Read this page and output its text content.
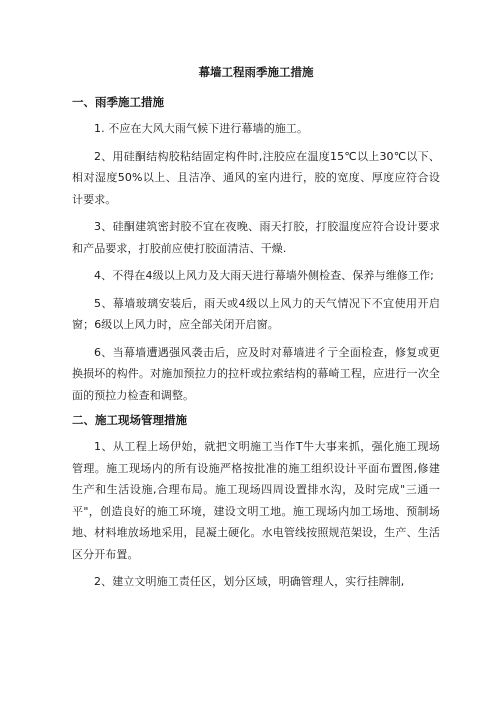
幕墙工程雨季施工措施
一、雨季施工措施

1. 不应在大风大雨气候下进行幕墙的施工。

2、用硅酮结构胶粘结固定构件时,注胶应在温度15℃以上30℃以下、相对湿度50%以上、且洁净、通风的室内进行，胶的宽度、厚度应符合设计要求。

3、硅酮建筑密封胶不宜在夜晚、雨天打胶，打胶温度应符合设计要求和产品要求，打胶前应使打胶面清洁、干燥.

4、不得在4级以上风力及大雨天进行幕墙外侧检查、保养与维修工作;

5、幕墙玻璃安装后，雨天或4级以上风力的天气情况下不宜使用开启窗；6级以上风力时，应全部关闭开启窗。

6、当幕墙遭遇强风袭击后，应及时对幕墙进彳亍全面检查，修复或更换损坏的构件。对施加预拉力的拉杆或拉索结构的幕崎工程，应进行一次全面的预拉力检查和调整。

二、施工现场管理措施

1、从工程上场伊始，就把文明施工当作T牛大事来抓，强化施工现场管理。施工现场内的所有设施严格按批准的施工组织设计平面布置图,修建生产和生活设施,合理布局。施工现场四周设置排水沟，及时完成"三通一平"，创造良好的施工环境，建设文明工地。施工现场内加工场地、预制场地、材料堆放场地采用，昆凝土硬化。水电管线按照规范架设，生产、生活区分开布置。

2、建立文明施工责任区，划分区域，明确管理人，实行挂牌制,
